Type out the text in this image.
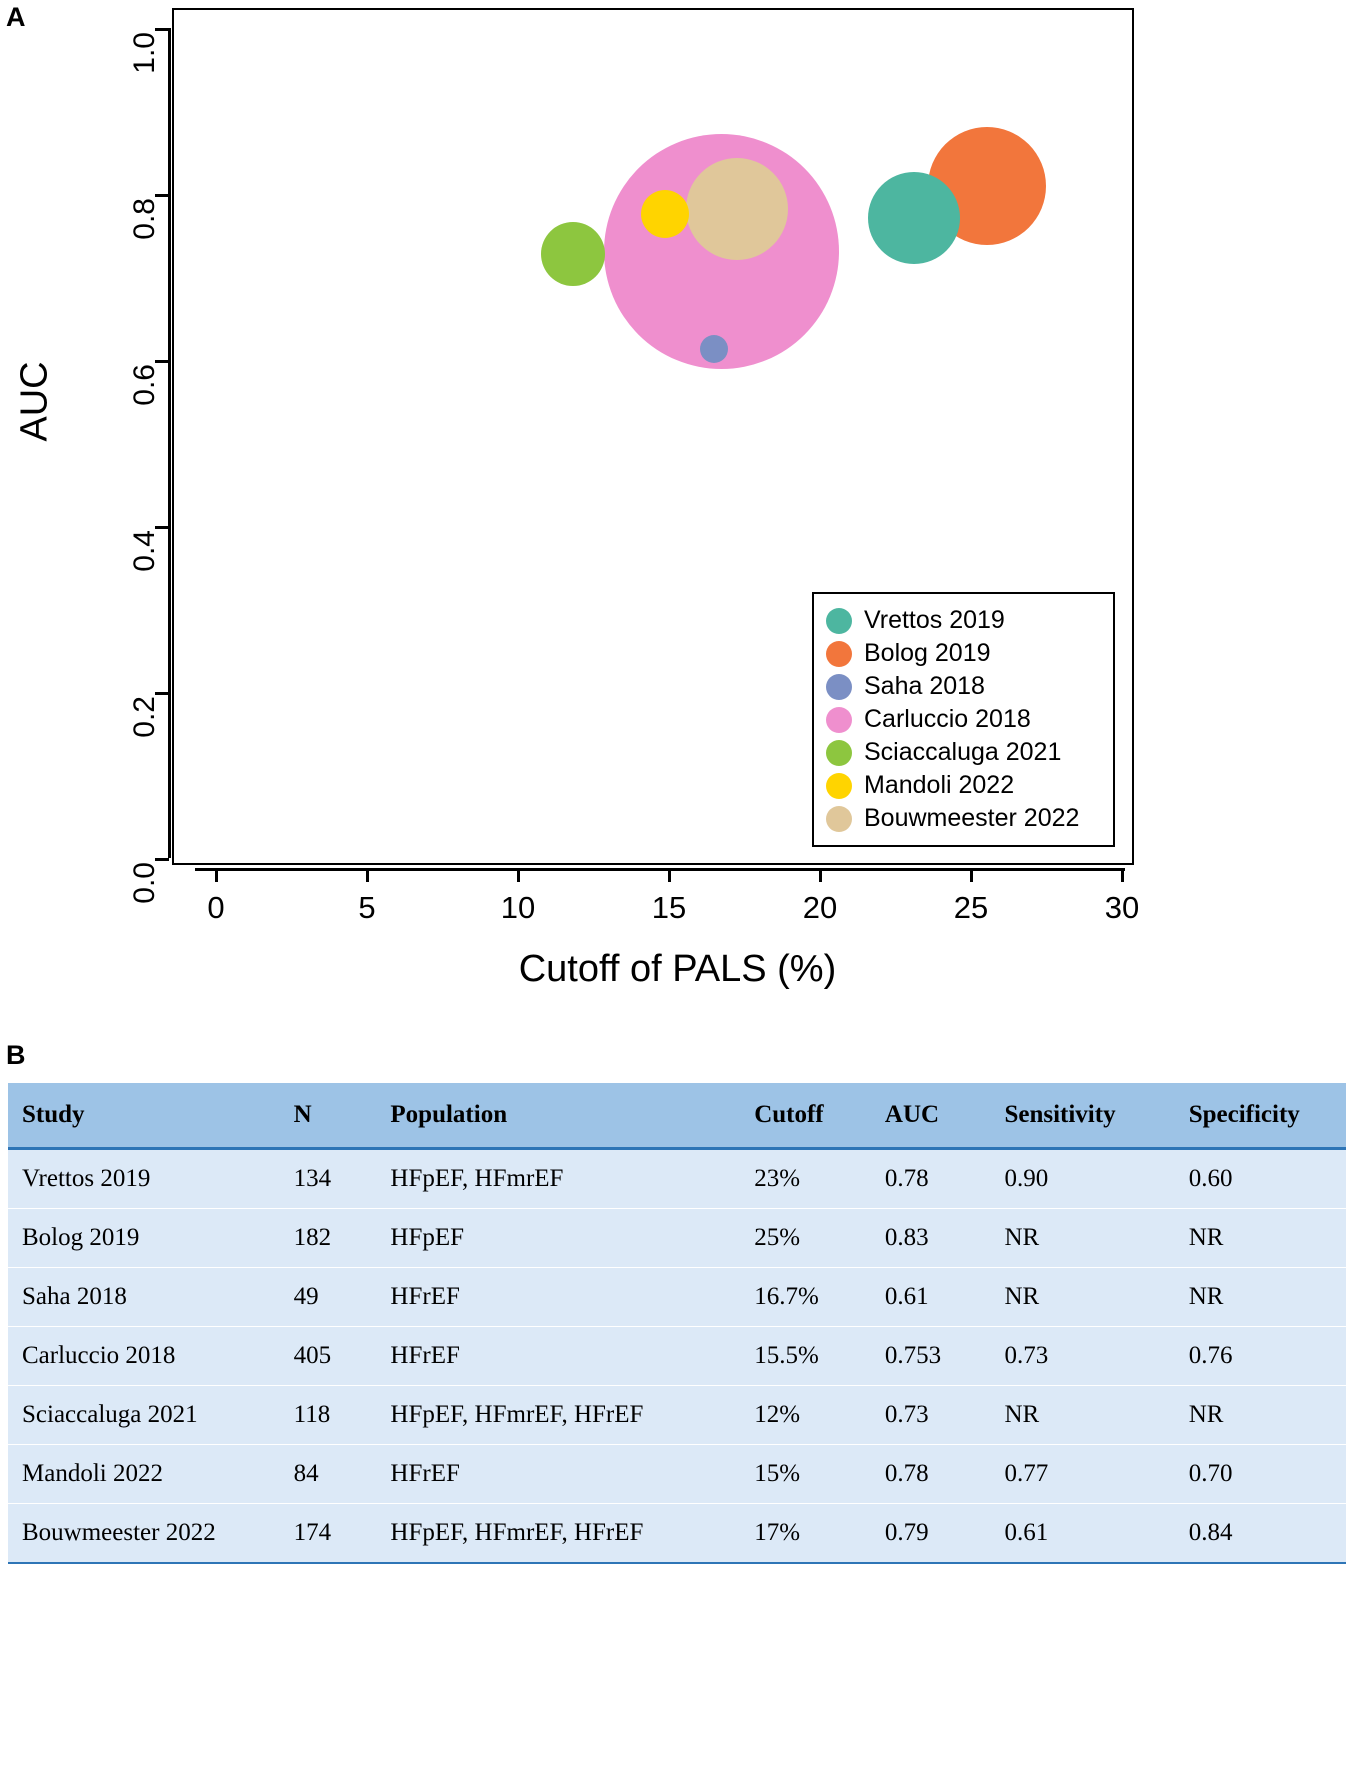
A
0.0
0.2
0.4
0.6
0.8
1.0
AUC
0	5	10	15	20	25	30
Cutoff of PALS (%)
Vrettos 2019
Bolog 2019
Saha 2018
Carluccio 2018
Sciaccaluga 2021
Mandoli 2022
Bouwmeester 2022
B
Study	N	Population	Cutoff	AUC	Sensitivity	Specificity
Vrettos 2019	134	HFpEF, HFmrEF	23%	0.78	0.90	0.60
Bolog 2019	182	HFpEF	25%	0.83	NR	NR
Saha 2018	49	HFrEF	16.7%	0.61	NR	NR
Carluccio 2018	405	HFrEF	15.5%	0.753	0.73	0.76
Sciaccaluga 2021	118	HFpEF, HFmrEF, HFrEF	12%	0.73	NR	NR
Mandoli 2022	84	HFrEF	15%	0.78	0.77	0.70
Bouwmeester 2022	174	HFpEF, HFmrEF, HFrEF	17%	0.79	0.61	0.84
